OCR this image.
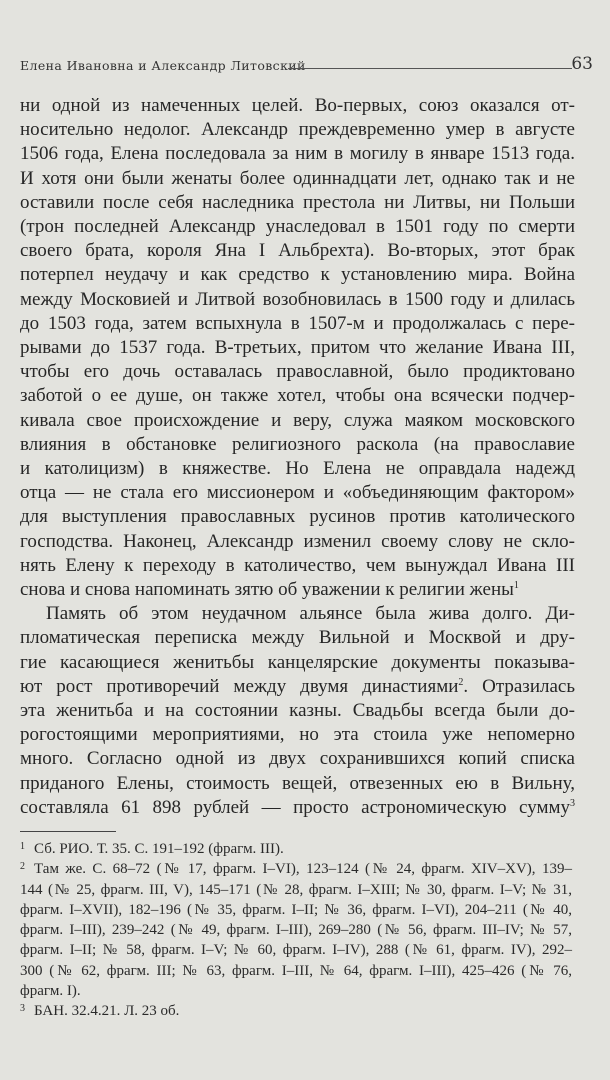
Елена Ивановна и Александр Литовский	63
ни одной из намеченных целей. Во-первых, союз оказался от-
носительно недолог. Александр преждевременно умер в августе
1506 года, Елена последовала за ним в могилу в январе 1513 года.
И хотя они были женаты более одиннадцати лет, однако так и не
оставили после себя наследника престола ни Литвы, ни Польши
(трон последней Александр унаследовал в 1501 году по смерти
своего брата, короля Яна I Альбрехта). Во-вторых, этот брак
потерпел неудачу и как средство к установлению мира. Война
между Московией и Литвой возобновилась в 1500 году и длилась
до 1503 года, затем вспыхнула в 1507-м и продолжалась с пере-
рывами до 1537 года. В-третьих, притом что желание Ивана III,
чтобы его дочь оставалась православной, было продиктовано
заботой о ее душе, он также хотел, чтобы она всячески подчер-
кивала свое происхождение и веру, служа маяком московского
влияния в обстановке религиозного раскола (на православие
и католицизм) в княжестве. Но Елена не оправдала надежд
отца — не стала его миссионером и «объединяющим фактором»
для выступления православных русинов против католического
господства. Наконец, Александр изменил своему слову не скло-
нять Елену к переходу в католичество, чем вынуждал Ивана III
снова и снова напоминать зятю об уважении к религии жены$^1$
Память об этом неудачном альянсе была жива долго. Ди-
пломатическая переписка между Вильной и Москвой и дру-
гие касающиеся женитьбы канцелярские документы показыва-
ют рост противоречий между двумя династиями$^2$. Отразилась
эта женитьба и на состоянии казны. Свадьбы всегда были до-
рогостоящими мероприятиями, но эта стоила уже непомерно
много. Согласно одной из двух сохранившихся копий списка
приданого Елены, стоимость вещей, отвезенных ею в Вильну,
составляла 61 898 рублей — просто астрономическую сумму$^3$
1 Сб. РИО. Т. 35. С. 191–192 (фрагм. III).
2 Там же. С. 68–72 (№ 17, фрагм. I–VI), 123–124 (№ 24, фрагм. XIV–XV), 139–
144 (№ 25, фрагм. III, V), 145–171 (№ 28, фрагм. I–XIII; № 30, фрагм. I–V; № 31,
фрагм. I–XVII), 182–196 (№ 35, фрагм. I–II; № 36, фрагм. I–VI), 204–211 (№ 40,
фрагм. I–III), 239–242 (№ 49, фрагм. I–III), 269–280 (№ 56, фрагм. III–IV; № 57,
фрагм. I–II; № 58, фрагм. I–V; № 60, фрагм. I–IV), 288 (№ 61, фрагм. IV), 292–
300 (№ 62, фрагм. III; № 63, фрагм. I–III, № 64, фрагм. I–III), 425–426 (№ 76,
фрагм. I).
3 БАН. 32.4.21. Л. 23 об.
